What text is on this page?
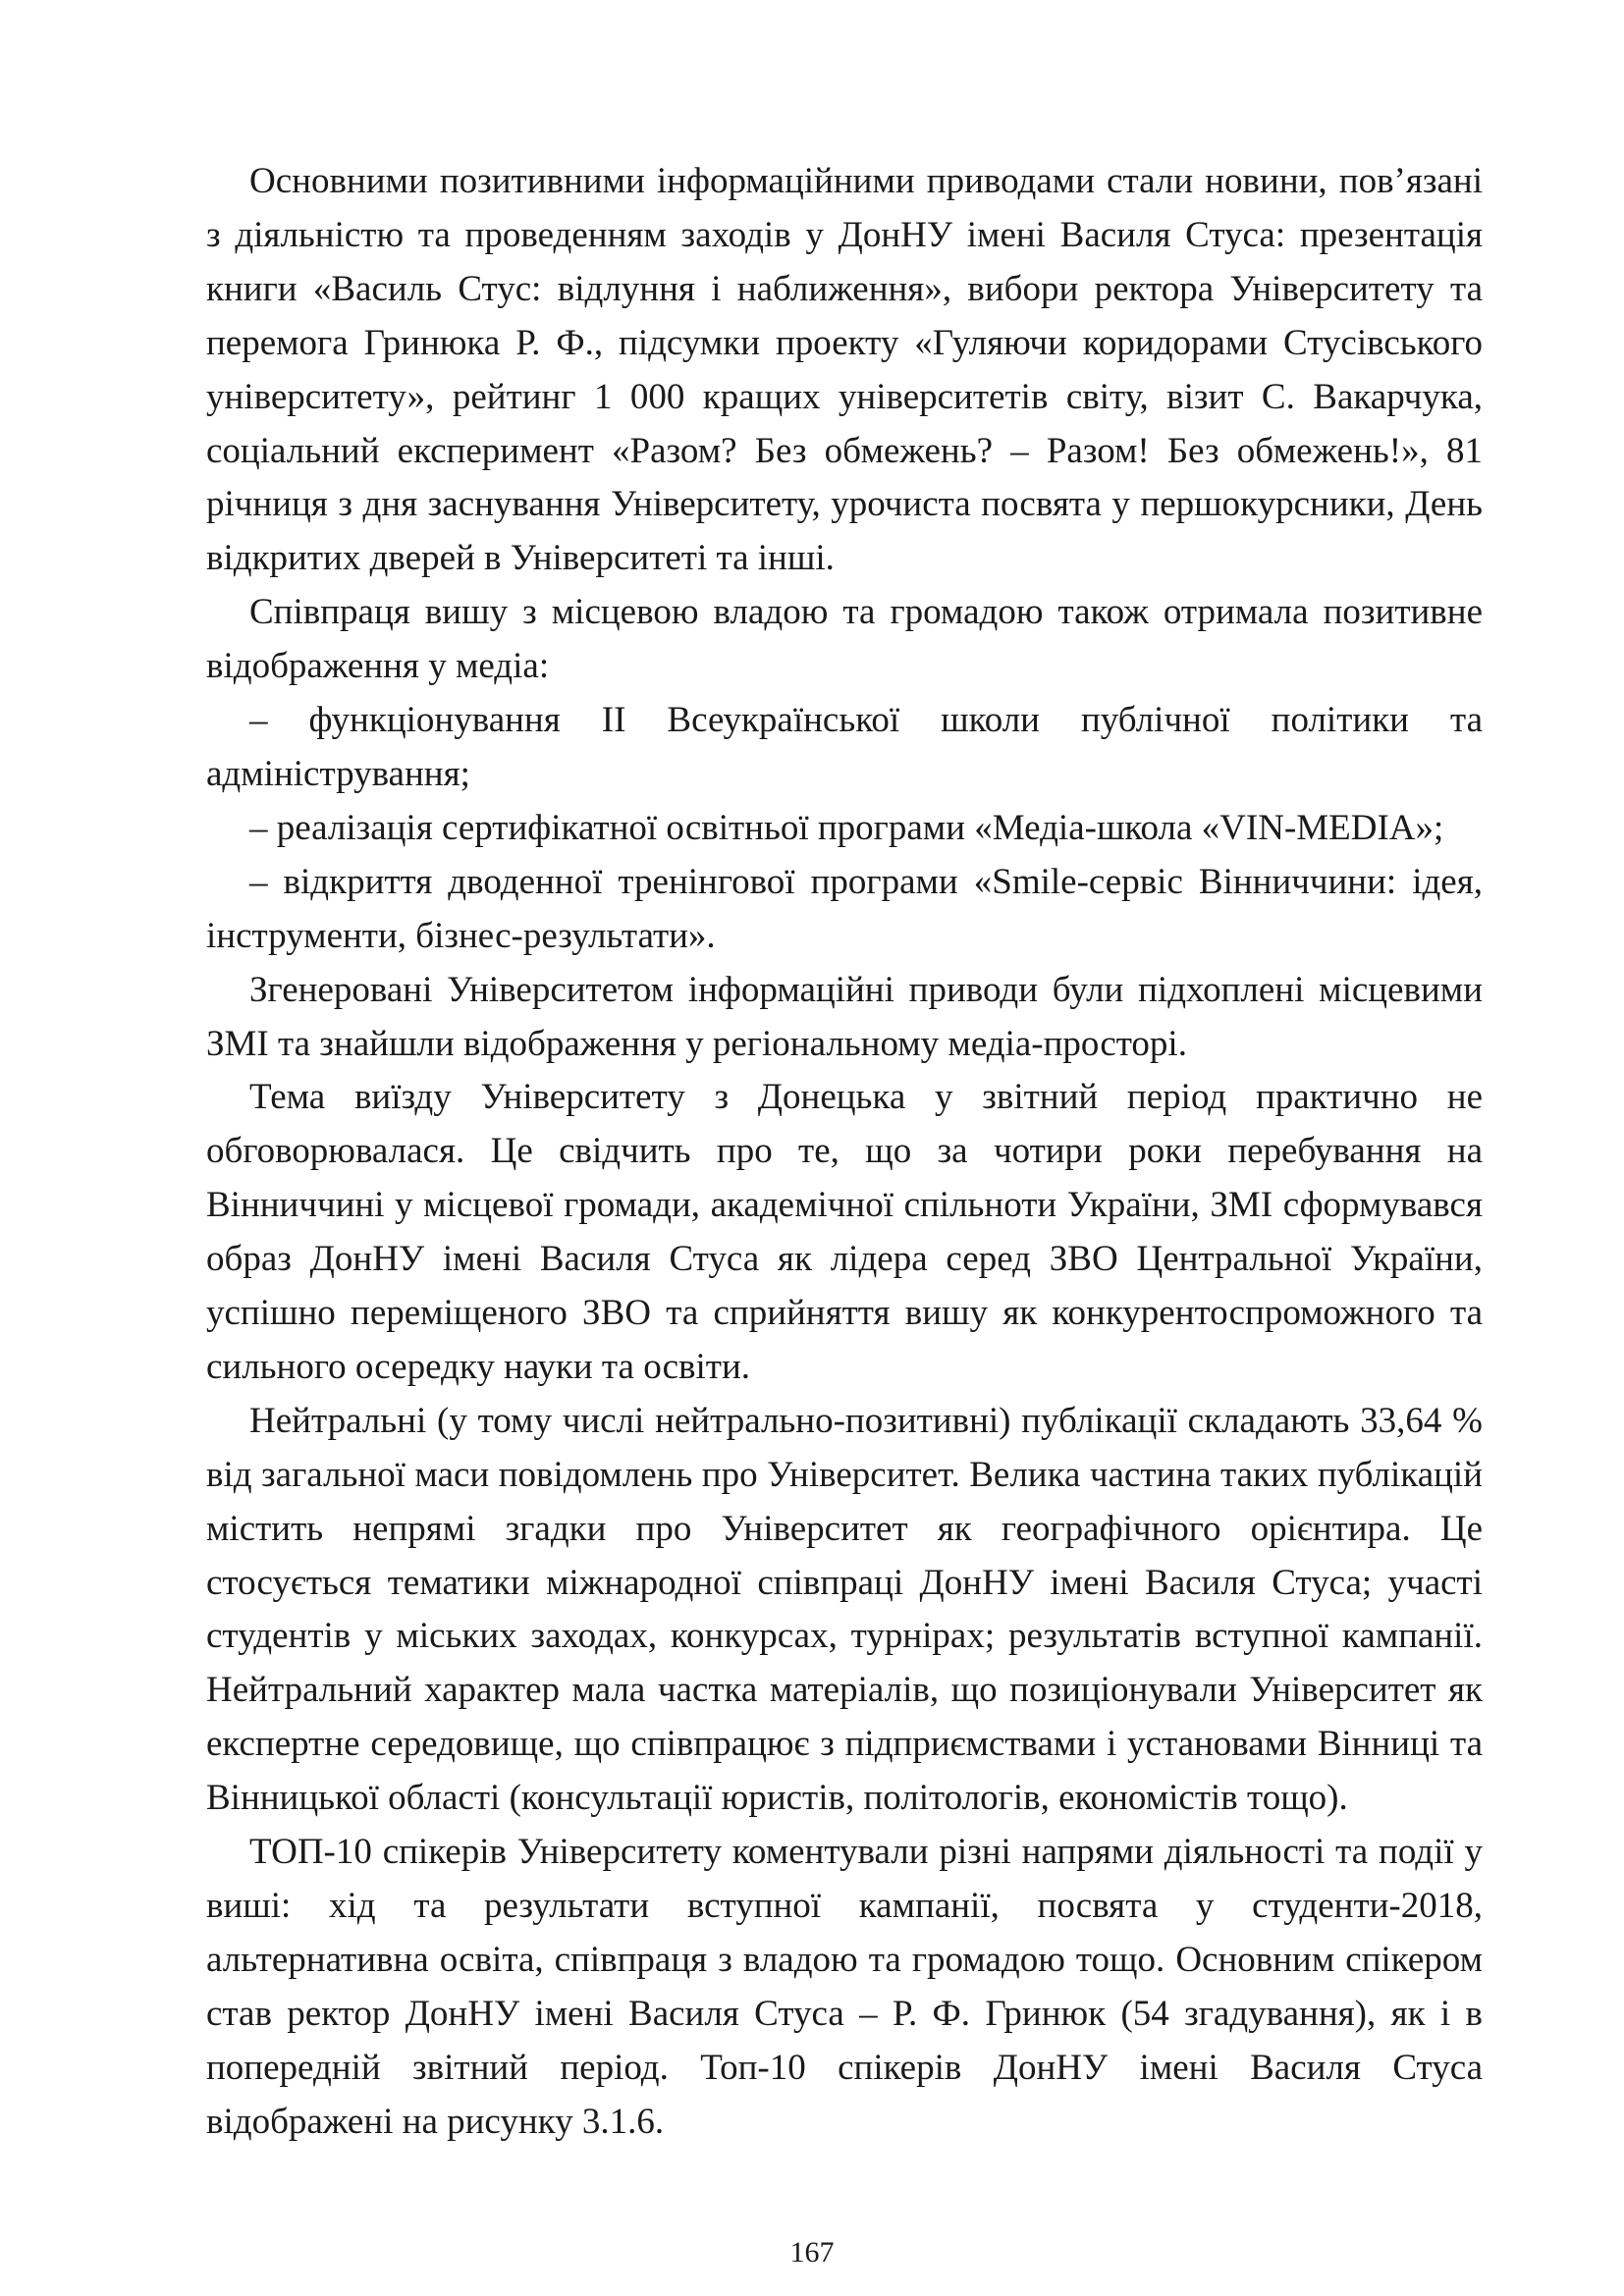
Основними позитивними інформаційними приводами стали новини, пов’язані з діяльністю та проведенням заходів у ДонНУ імені Василя Стуса: презентація книги «Василь Стус: відлуння і наближення», вибори ректора Університету та перемога Гринюка Р. Ф., підсумки проекту «Гуляючи коридорами Стусівського університету», рейтинг 1 000 кращих університетів світу, візит С. Вакарчука, соціальний експеримент «Разом? Без обмежень? – Разом! Без обмежень!», 81 річниця з дня заснування Університету, урочиста посвята у першокурсники, День відкритих дверей в Університеті та інші.

Співпраця вишу з місцевою владою та громадою також отримала позитивне відображення у медіа:

– функціонування ІІ Всеукраїнської школи публічної політики та адміністрування;

– реалізація сертифікатної освітньої програми «Медіа-школа «VIN-MEDIA»;

– відкриття дводенної тренінгової програми «Smile-сервіс Вінниччини: ідея, інструменти, бізнес-результати».

Згенеровані Університетом інформаційні приводи були підхоплені місцевими ЗМІ та знайшли відображення у регіональному медіа-просторі.

Тема виїзду Університету з Донецька у звітний період практично не обговорювалася. Це свідчить про те, що за чотири роки перебування на Вінниччині у місцевої громади, академічної спільноти України, ЗМІ сформувався образ ДонНУ імені Василя Стуса як лідера серед ЗВО Центральної України, успішно переміщеного ЗВО та сприйняття вишу як конкурентоспроможного та сильного осередку науки та освіти.

Нейтральні (у тому числі нейтрально-позитивні) публікації складають 33,64 % від загальної маси повідомлень про Університет. Велика частина таких публікацій містить непрямі згадки про Університет як географічного орієнтира. Це стосується тематики міжнародної співпраці ДонНУ імені Василя Стуса; участі студентів у міських заходах, конкурсах, турнірах; результатів вступної кампанії. Нейтральний характер мала частка матеріалів, що позиціонували Університет як експертне середовище, що співпрацює з підприємствами і установами Вінниці та Вінницької області (консультації юристів, політологів, економістів тощо).

ТОП-10 спікерів Університету коментували різні напрями діяльності та події у виші: хід та результати вступної кампанії, посвята у студенти-2018, альтернативна освіта, співпраця з владою та громадою тощо. Основним спікером став ректор ДонНУ імені Василя Стуса – Р. Ф. Гринюк (54 згадування), як і в попередній звітний період. Топ-10 спікерів ДонНУ імені Василя Стуса відображені на рисунку 3.1.6.

167
